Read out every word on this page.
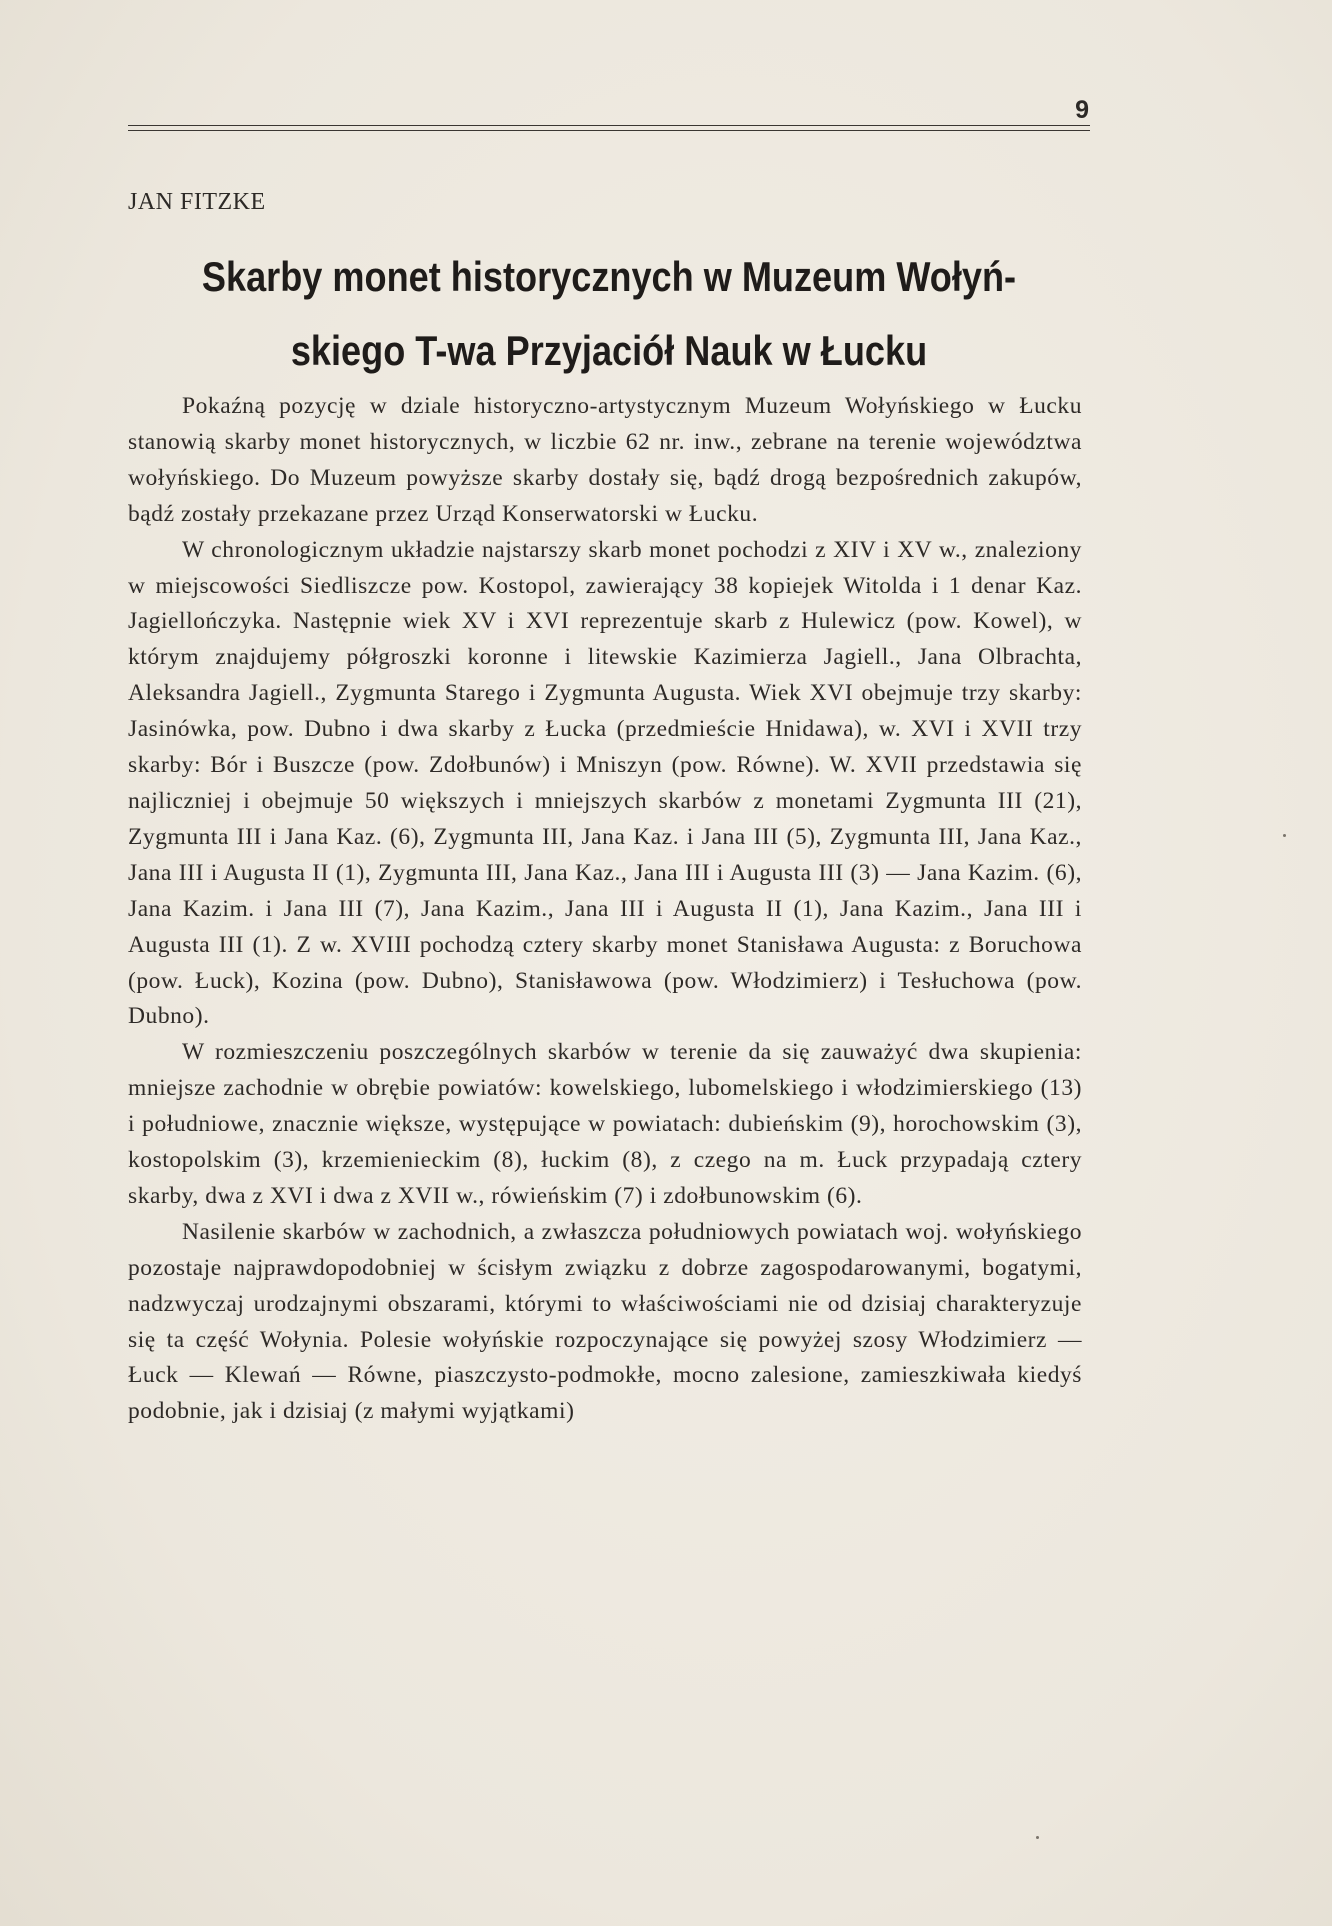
9
JAN FITZKE
Skarby monet historycznych w Muzeum Wołyń-
skiego T-wa Przyjaciół Nauk w Łucku

Pokaźną pozycję w dziale historyczno-artystycznym Muzeum Wołyńskiego w Łucku stanowią skarby monet historycznych, w liczbie 62 nr. inw., zebrane na terenie województwa wołyńskiego. Do Muzeum powyższe skarby dostały się, bądź drogą bezpośrednich zakupów, bądź zostały przekazane przez Urząd Konserwatorski w Łucku.

W chronologicznym układzie najstarszy skarb monet pochodzi z XIV i XV w., znaleziony w miejscowości Siedliszcze pow. Kostopol, zawierający 38 kopiejek Witolda i 1 denar Kaz. Jagiellończyka. Następnie wiek XV i XVI reprezentuje skarb z Hulewicz (pow. Kowel), w którym znajdujemy półgroszki koronne i litewskie Kazimierza Jagiell., Jana Olbrachta, Aleksandra Jagiell., Zygmunta Starego i Zygmunta Augusta. Wiek XVI obejmuje trzy skarby: Jasinówka, pow. Dubno i dwa skarby z Łucka (przedmieście Hnidawa), w. XVI i XVII trzy skarby: Bór i Buszcze (pow. Zdołbunów) i Mniszyn (pow. Równe). W. XVII przedstawia się najliczniej i obejmuje 50 większych i mniejszych skarbów z monetami Zygmunta III (21), Zygmunta III i Jana Kaz. (6), Zygmunta III, Jana Kaz. i Jana III (5), Zygmunta III, Jana Kaz., Jana III i Augusta II (1), Zygmunta III, Jana Kaz., Jana III i Augusta III (3) — Jana Kazim. (6), Jana Kazim. i Jana III (7), Jana Kazim., Jana III i Augusta II (1), Jana Kazim., Jana III i Augusta III (1). Z w. XVIII pochodzą cztery skarby monet Stanisława Augusta: z Boruchowa (pow. Łuck), Kozina (pow. Dubno), Stanisławowa (pow. Włodzimierz) i Tesłuchowa (pow. Dubno).

W rozmieszczeniu poszczególnych skarbów w terenie da się zauważyć dwa skupienia: mniejsze zachodnie w obrębie powiatów: kowelskiego, lubomelskiego i włodzimierskiego (13) i południowe, znacznie większe, występujące w powiatach: dubieńskim (9), horochowskim (3), kostopolskim (3), krzemienieckim (8), łuckim (8), z czego na m. Łuck przypadają cztery skarby, dwa z XVI i dwa z XVII w., rówieńskim (7) i zdołbunowskim (6).

Nasilenie skarbów w zachodnich, a zwłaszcza południowych powiatach woj. wołyńskiego pozostaje najprawdopodobniej w ścisłym związku z dobrze zagospodarowanymi, bogatymi, nadzwyczaj urodzajnymi obszarami, którymi to właściwościami nie od dzisiaj charakteryzuje się ta część Wołynia. Polesie wołyńskie rozpoczynające się powyżej szosy Włodzimierz — Łuck — Klewań — Równe, piaszczysto-podmokłe, mocno zalesione, zamieszkiwała kiedyś podobnie, jak i dzisiaj (z małymi wyjątkami)
